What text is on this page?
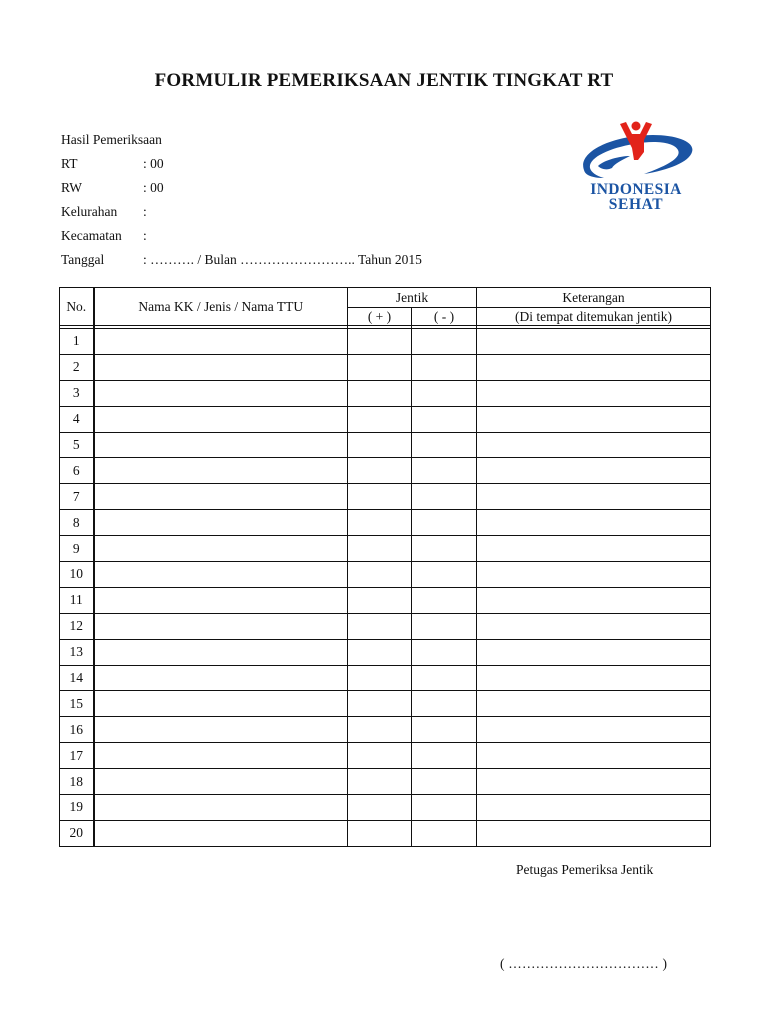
FORMULIR PEMERIKSAAN JENTIK TINGKAT RT
Hasil Pemeriksaan
RT	: 00
RW	: 00
Kelurahan	:
Kecamatan	:
Tanggal	: ………. / Bulan …………………….. Tahun 2015
INDONESIA
SEHAT
No.	Nama KK / Jenis / Nama TTU	Jentik		Keterangan
		( + )	( - )	(Di tempat ditemukan jentik)

1				
2				
3				
4				
5				
6				
7				
8				
9				
10				
11				
12				
13				
14				
15				
16				
17				
18				
19				
20				
Petugas Pemeriksa Jentik
( …………………………… )
